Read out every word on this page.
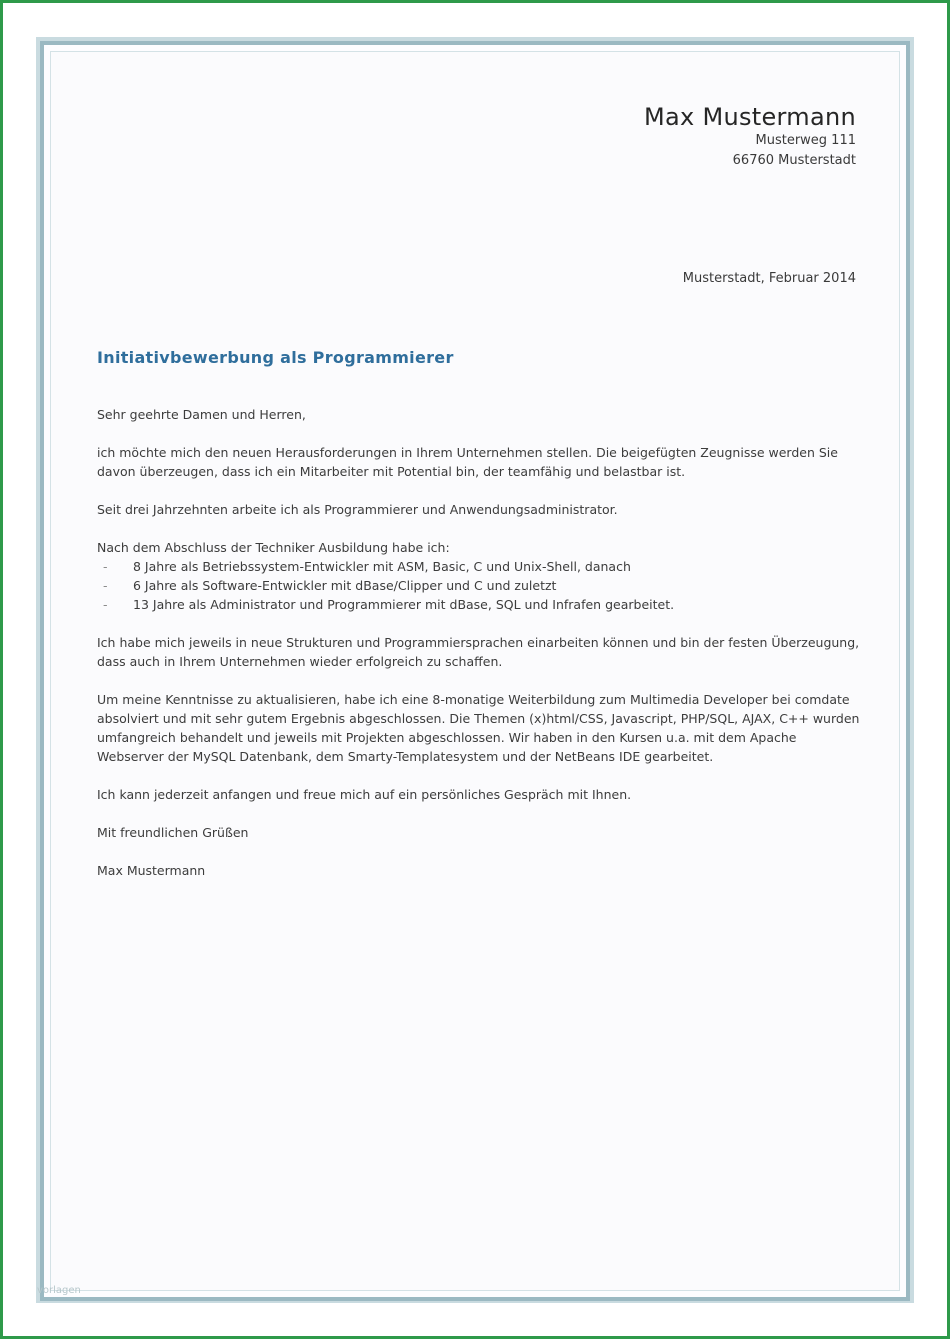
Max Mustermann
Musterweg 111
66760 Musterstadt
Musterstadt, Februar 2014
Initiativbewerbung als Programmierer

Sehr geehrte Damen und Herren,

ich möchte mich den neuen Herausforderungen in Ihrem Unternehmen stellen. Die beigefügten Zeugnisse werden Sie davon überzeugen, dass ich ein Mitarbeiter mit Potential bin, der teamfähig und belastbar ist.

Seit drei Jahrzehnten arbeite ich als Programmierer und Anwendungsadministrator.

Nach dem Abschluss der Techniker Ausbildung habe ich:
- 8 Jahre als Betriebssystem-Entwickler mit ASM, Basic, C und Unix-Shell, danach
- 6 Jahre als Software-Entwickler mit dBase/Clipper und C und zuletzt
- 13 Jahre als Administrator und Programmierer mit dBase, SQL und Infrafen gearbeitet.

Ich habe mich jeweils in neue Strukturen und Programmiersprachen einarbeiten können und bin der festen Überzeugung, dass auch in Ihrem Unternehmen wieder erfolgreich zu schaffen.

Um meine Kenntnisse zu aktualisieren, habe ich eine 8-monatige Weiterbildung zum Multimedia Developer bei comdate absolviert und mit sehr gutem Ergebnis abgeschlossen. Die Themen (x)html/CSS, Javascript, PHP/SQL, AJAX, C++ wurden umfangreich behandelt und jeweils mit Projekten abgeschlossen. Wir haben in den Kursen u.a. mit dem Apache Webserver der MySQL Datenbank, dem Smarty-Templatesystem und der NetBeans IDE gearbeitet.

Ich kann jederzeit anfangen und freue mich auf ein persönliches Gespräch mit Ihnen.

Mit freundlichen Grüßen

Max Mustermann

vorlagen
